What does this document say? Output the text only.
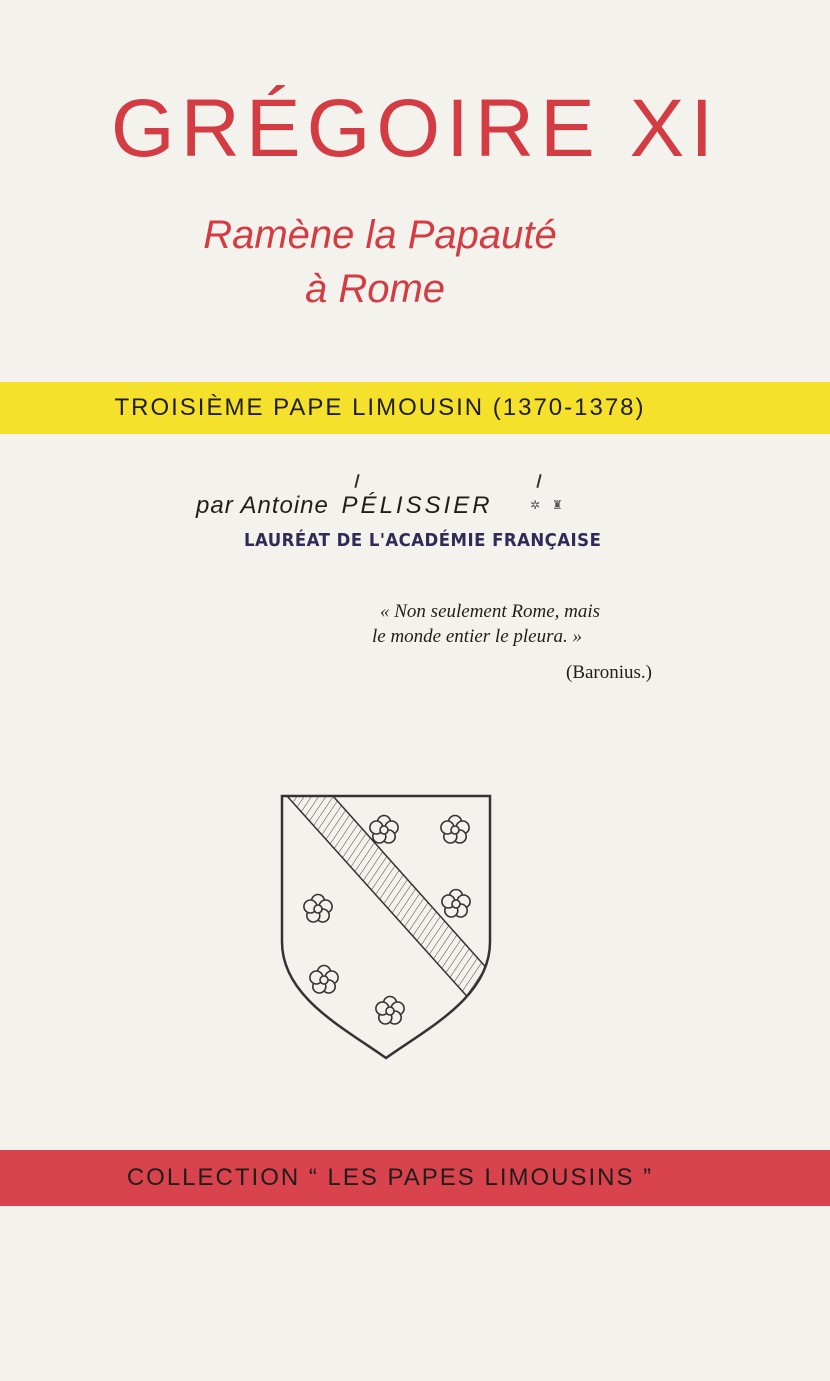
GRÉGOIRE XI
Ramène la Papauté
à Rome
TROISIÈME PAPE LIMOUSIN (1370-1378)
par Antoine PÉLISSIER	✲ ♜
LAURÉAT DE L'ACADÉMIE FRANÇAISE
« Non seulement Rome, mais
le monde entier le pleura. »
(Baronius.)
COLLECTION “ LES PAPES LIMOUSINS ”
